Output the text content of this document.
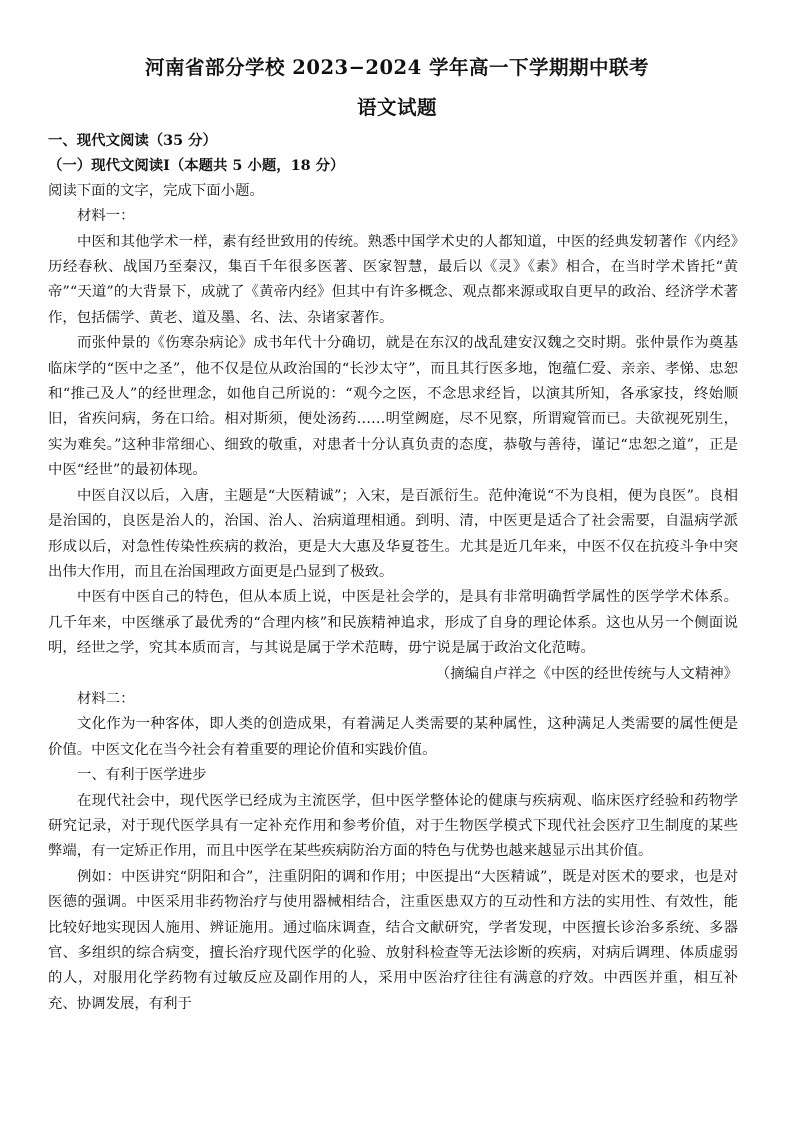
河南省部分学校 2023−2024 学年高一下学期期中联考
语文试题

一、现代文阅读（35 分）

（一）现代文阅读Ⅰ（本题共 5 小题，18 分）

阅读下面的文字，完成下面小题。

材料一：

中医和其他学术一样，素有经世致用的传统。熟悉中国学术史的人都知道，中医的经典发轫著作《内经》历经春秋、战国乃至秦汉，集百千年很多医著、医家智慧，最后以《灵》《素》相合，在当时学术皆托“黄帝”“天道”的大背景下，成就了《黄帝内经》但其中有许多概念、观点都来源或取自更早的政治、经济学术著作，包括儒学、黄老、道及墨、名、法、杂诸家著作。

而张仲景的《伤寒杂病论》成书年代十分确切，就是在东汉的战乱建安汉魏之交时期。张仲景作为奠基临床学的“医中之圣”，他不仅是位从政治国的“长沙太守”，而且其行医多地，饱蕴仁爱、亲亲、孝悌、忠恕和“推己及人”的经世理念，如他自己所说的：“观今之医，不念思求经旨，以演其所知，各承家技，终始顺旧，省疾问病，务在口给。相对斯须，便处汤药……明堂阙庭，尽不见察，所谓窥管而已。夫欲视死别生，实为难矣。”这种非常细心、细致的敬重，对患者十分认真负责的态度，恭敬与善待，谨记“忠恕之道”，正是中医“经世”的最初体现。

中医自汉以后，入唐，主题是“大医精诚”；入宋，是百派衍生。范仲淹说“不为良相，便为良医”。良相是治国的，良医是治人的，治国、治人、治病道理相通。到明、清，中医更是适合了社会需要，自温病学派形成以后，对急性传染性疾病的救治，更是大大惠及华夏苍生。尤其是近几年来，中医不仅在抗疫斗争中突出伟大作用，而且在治国理政方面更是凸显到了极致。

中医有中医自己的特色，但从本质上说，中医是社会学的，是具有非常明确哲学属性的医学学术体系。几千年来，中医继承了最优秀的“合理内核”和民族精神追求，形成了自身的理论体系。这也从另一个侧面说明，经世之学，究其本质而言，与其说是属于学术范畴，毋宁说是属于政治文化范畴。

（摘编自卢祥之《中医的经世传统与人文精神》

材料二：

文化作为一种客体，即人类的创造成果，有着满足人类需要的某种属性，这种满足人类需要的属性便是价值。中医文化在当今社会有着重要的理论价值和实践价值。

一、有利于医学进步

在现代社会中，现代医学已经成为主流医学，但中医学整体论的健康与疾病观、临床医疗经验和药物学研究记录，对于现代医学具有一定补充作用和参考价值，对于生物医学模式下现代社会医疗卫生制度的某些弊端，有一定矫正作用，而且中医学在某些疾病防治方面的特色与优势也越来越显示出其价值。

例如：中医讲究“阴阳和合”，注重阴阳的调和作用；中医提出“大医精诚”，既是对医术的要求，也是对医德的强调。中医采用非药物治疗与使用器械相结合，注重医患双方的互动性和方法的实用性、有效性，能比较好地实现因人施用、辨证施用。通过临床调查，结合文献研究，学者发现，中医擅长诊治多系统、多器官、多组织的综合病变，擅长治疗现代医学的化验、放射科检查等无法诊断的疾病，对病后调理、体质虚弱的人，对服用化学药物有过敏反应及副作用的人，采用中医治疗往往有满意的疗效。中西医并重，相互补充、协调发展，有利于
